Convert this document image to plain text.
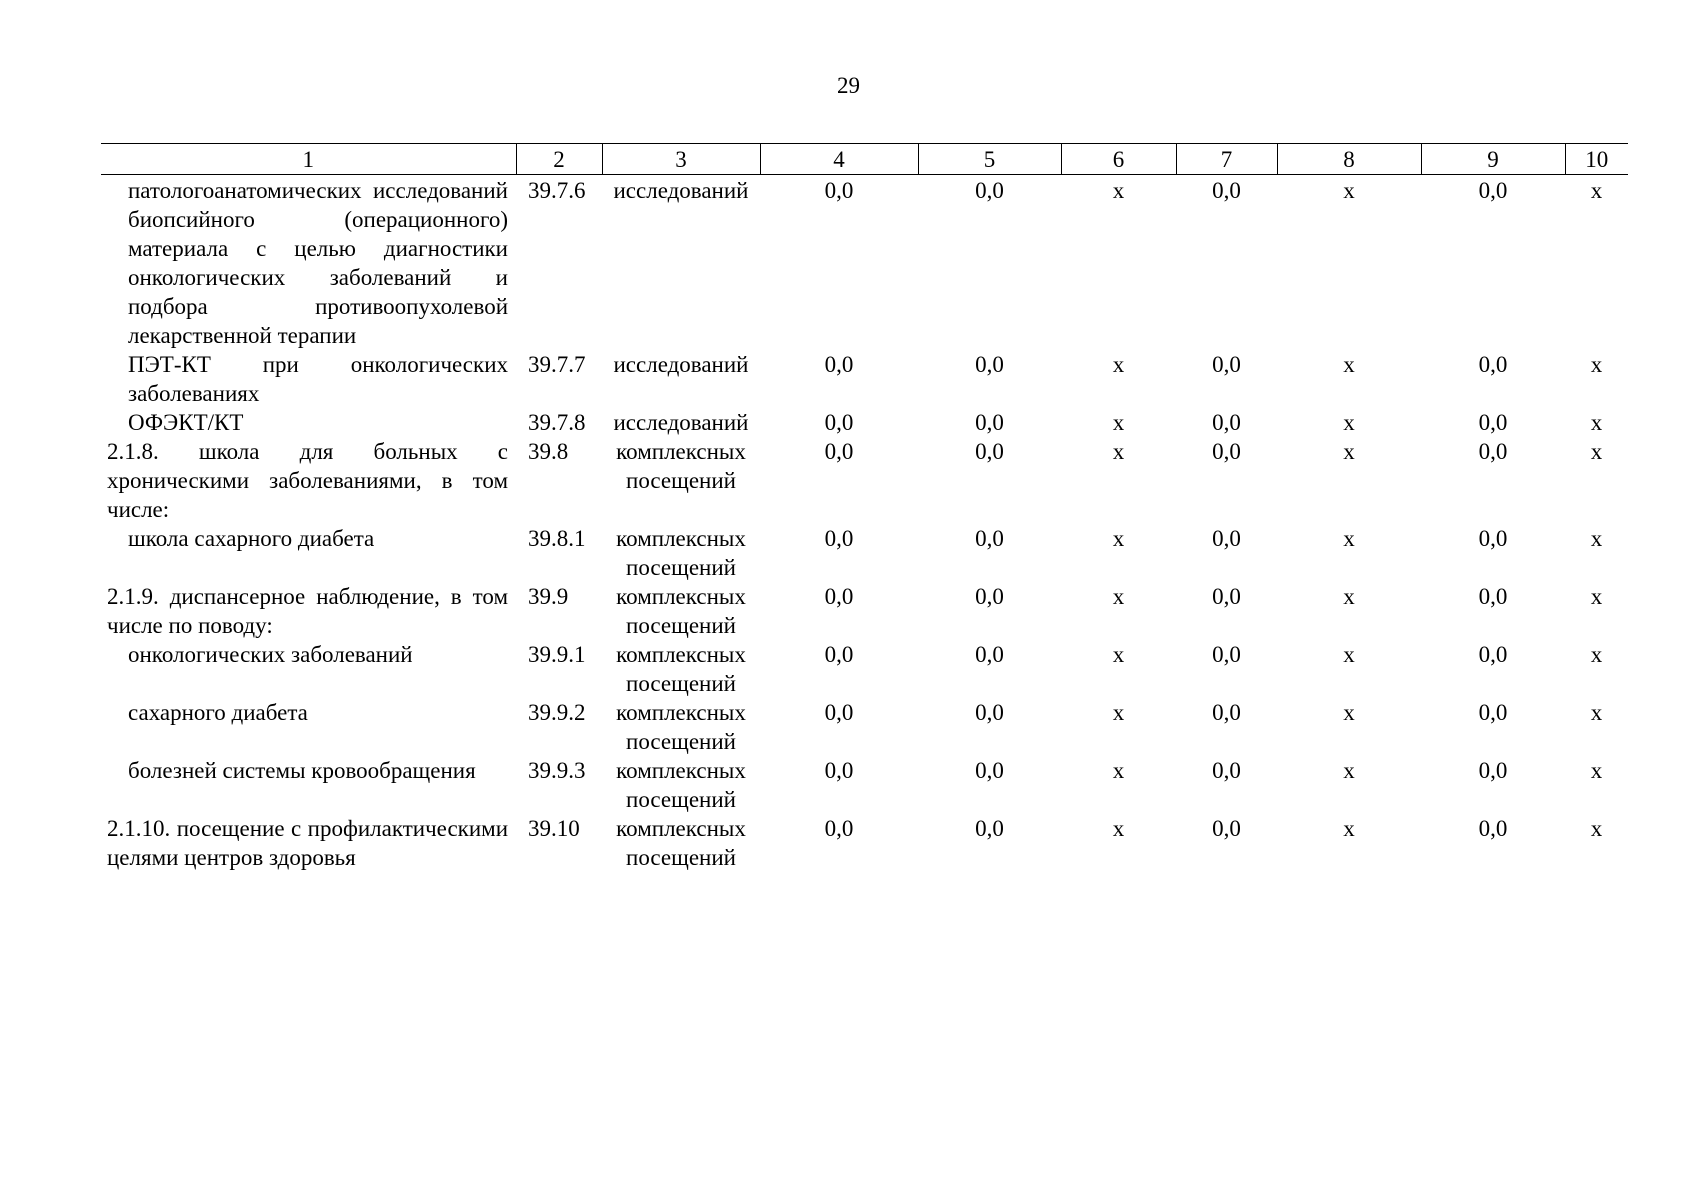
29
1	2	3	4	5	6	7	8	9	10
патологоанатомических исследований биопсийного (операционного) материала с целью диагностики онкологических заболеваний и подбора противоопухолевой лекарственной терапии	39.7.6	исследований	0,0	0,0	х	0,0	х	0,0	х
ПЭТ-КТ при онкологических заболеваниях	39.7.7	исследований	0,0	0,0	х	0,0	х	0,0	х
ОФЭКТ/КТ	39.7.8	исследований	0,0	0,0	х	0,0	х	0,0	х
2.1.8. школа для больных с хроническими заболеваниями, в том числе:	39.8	комплексных посещений	0,0	0,0	х	0,0	х	0,0	х
школа сахарного диабета	39.8.1	комплексных посещений	0,0	0,0	х	0,0	х	0,0	х
2.1.9. диспансерное наблюдение, в том числе по поводу:	39.9	комплексных посещений	0,0	0,0	х	0,0	х	0,0	х
онкологических заболеваний	39.9.1	комплексных посещений	0,0	0,0	х	0,0	х	0,0	х
сахарного диабета	39.9.2	комплексных посещений	0,0	0,0	х	0,0	х	0,0	х
болезней системы кровообращения	39.9.3	комплексных посещений	0,0	0,0	х	0,0	х	0,0	х
2.1.10. посещение с профилактическими целями центров здоровья	39.10	комплексных посещений	0,0	0,0	х	0,0	х	0,0	х
